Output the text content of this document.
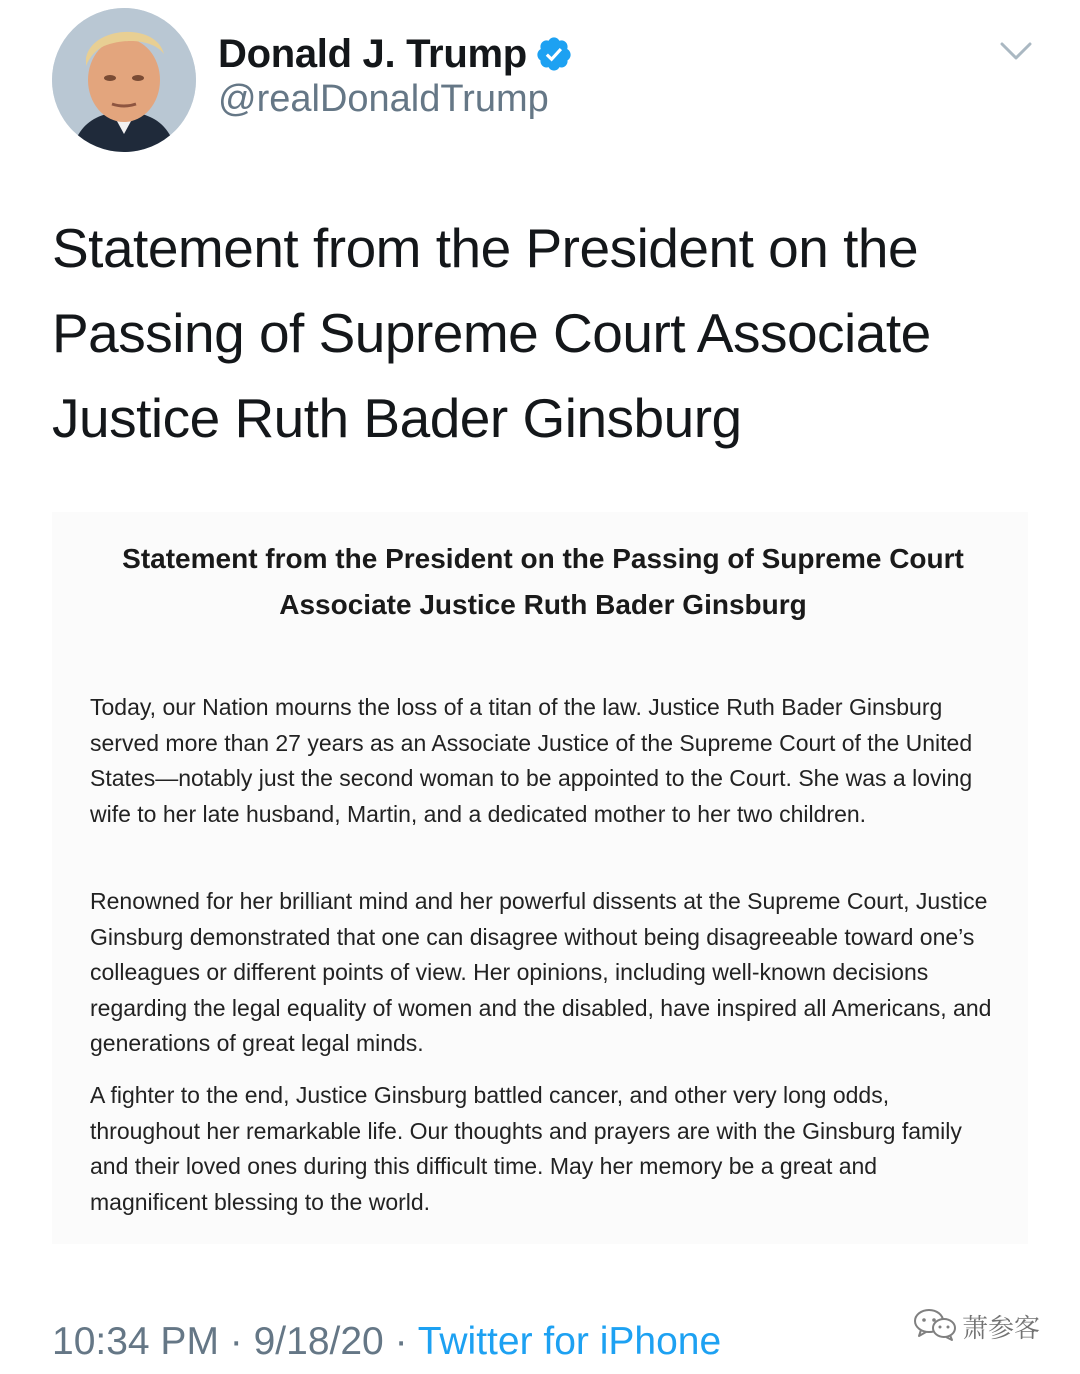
Donald J. Trump
@realDonaldTrump
Statement from the President on the Passing of Supreme Court Associate Justice Ruth Bader Ginsburg
Statement from the President on the Passing of Supreme Court Associate Justice Ruth Bader Ginsburg
Today, our Nation mourns the loss of a titan of the law. Justice Ruth Bader Ginsburg served more than 27 years as an Associate Justice of the Supreme Court of the United States—notably just the second woman to be appointed to the Court. She was a loving wife to her late husband, Martin, and a dedicated mother to her two children.
Renowned for her brilliant mind and her powerful dissents at the Supreme Court, Justice Ginsburg demonstrated that one can disagree without being disagreeable toward one’s colleagues or different points of view. Her opinions, including well-known decisions regarding the legal equality of women and the disabled, have inspired all Americans, and generations of great legal minds.
A fighter to the end, Justice Ginsburg battled cancer, and other very long odds, throughout her remarkable life. Our thoughts and prayers are with the Ginsburg family and their loved ones during this difficult time. May her memory be a great and magnificent blessing to the world.
10:34 PM · 9/18/20 · Twitter for iPhone	萧参客
